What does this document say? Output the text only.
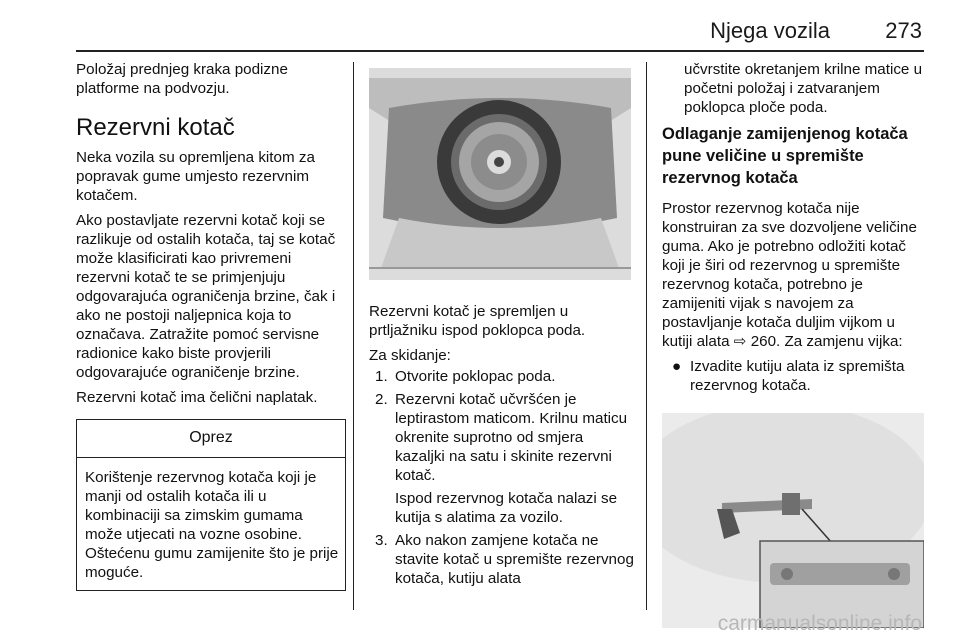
Njega vozila	273

Položaj prednjeg kraka podizne platforme na podvozju.

Rezervni kotač

Neka vozila su opremljena kitom za popravak gume umjesto rezervnim kotačem.

Ako postavljate rezervni kotač koji se razlikuje od ostalih kotača, taj se kotač može klasificirati kao privremeni rezervni kotač te se primjenjuju odgovarajuća ograničenja brzine, čak i ako ne postoji naljepnica koja to označava. Zatražite pomoć servisne radionice kako biste provjerili odgovarajuće ograničenje brzine.

Rezervni kotač ima čelični naplatak.

Oprez
Korištenje rezervnog kotača koji je manji od ostalih kotača ili u kombinaciji sa zimskim gumama može utjecati na vozne osobine. Oštećenu gumu zamijenite što je prije moguće.

Rezervni kotač je spremljen u prtljažniku ispod poklopca poda.

Za skidanje:

1. Otvorite poklopac poda.

2. Rezervni kotač učvršćen je leptirastom maticom. Krilnu maticu okrenite suprotno od smjera kazaljki na satu i skinite rezervni kotač.

Ispod rezervnog kotača nalazi se kutija s alatima za vozilo.

3. Ako nakon zamjene kotača ne stavite kotač u spremište rezervnog kotača, kutiju alata

učvrstite okretanjem krilne matice u početni položaj i zatvaranjem poklopca ploče poda.

Odlaganje zamijenjenog kotača pune veličine u spremište rezervnog kotača

Prostor rezervnog kotača nije konstruiran za sve dozvoljene veličine guma. Ako je potrebno odložiti kotač koji je širi od rezervnog u spremište rezervnog kotača, potrebno je zamijeniti vijak s navojem za postavljanje kotača duljim vijkom u kutiji alata ⇨ 260. Za zamjenu vijka:

● Izvadite kutiju alata iz spremišta rezervnog kotača.
carmanualsonline.info
